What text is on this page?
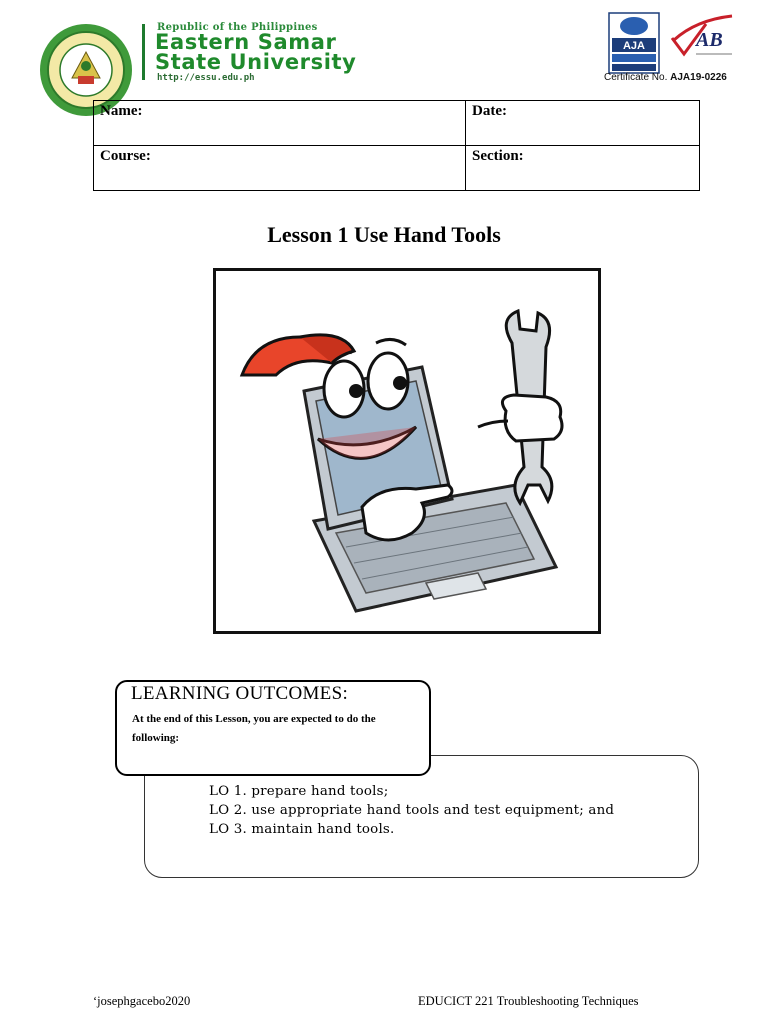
Republic of the Philippines
Eastern Samar
State University
http://essu.edu.ph
AJA	AB
Certificate No. AJA19-0226
Name:	Date:
Course:	Section:
Lesson 1 Use Hand Tools
LEARNING OUTCOMES:
At the end of this Lesson, you are expected to do the following:
LO 1. prepare hand tools;
LO 2. use appropriate hand tools and test equipment; and
LO 3. maintain hand tools.
‘josephgacebo2020	EDUCICT 221 Troubleshooting Techniques
